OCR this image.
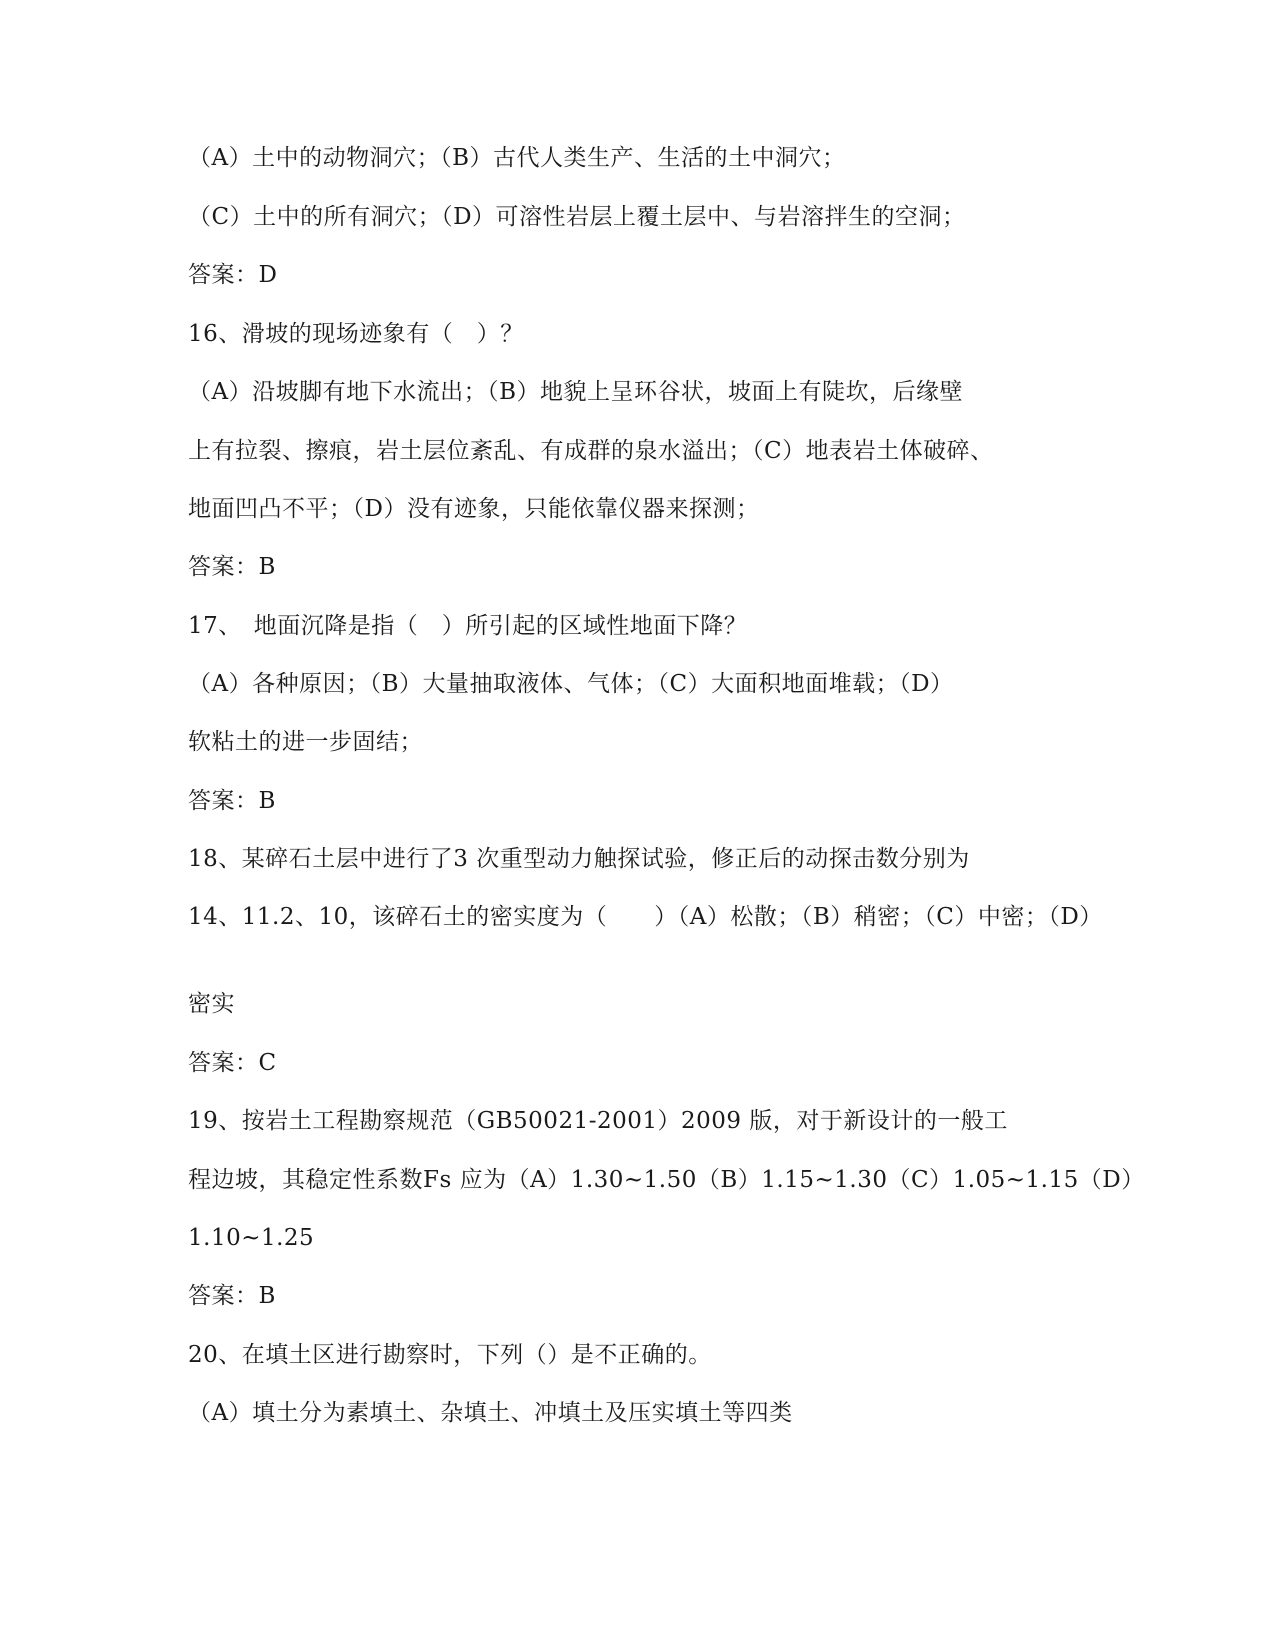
（A）土中的动物洞穴；（B）古代人类生产、生活的土中洞穴；
（C）土中的所有洞穴；（D）可溶性岩层上覆土层中、与岩溶拌生的空洞；
答案：D
16、滑坡的现场迹象有（　）？
（A）沿坡脚有地下水流出；（B）地貌上呈环谷状，坡面上有陡坎，后缘壁
上有拉裂、擦痕，岩土层位紊乱、有成群的泉水溢出；（C）地表岩土体破碎、
地面凹凸不平；（D）没有迹象，只能依靠仪器来探测；
答案：B
17、　地面沉降是指（　）所引起的区域性地面下降？
（A）各种原因；（B）大量抽取液体、气体；（C）大面积地面堆载；（D）
软粘土的进一步固结；
答案：B
18、某碎石土层中进行了3 次重型动力触探试验，修正后的动探击数分别为
14、11.2、10，该碎石土的密实度为（　　）（A）松散；（B）稍密；（C）中密；（D）
密实
答案：C
19、按岩土工程勘察规范（GB50021-2001）2009 版，对于新设计的一般工
程边坡，其稳定性系数Fs 应为（A）1.30~1.50（B）1.15~1.30（C）1.05~1.15（D）
1.10~1.25
答案：B
20、在填土区进行勘察时，下列（）是不正确的。
（A）填土分为素填土、杂填土、冲填土及压实填土等四类
